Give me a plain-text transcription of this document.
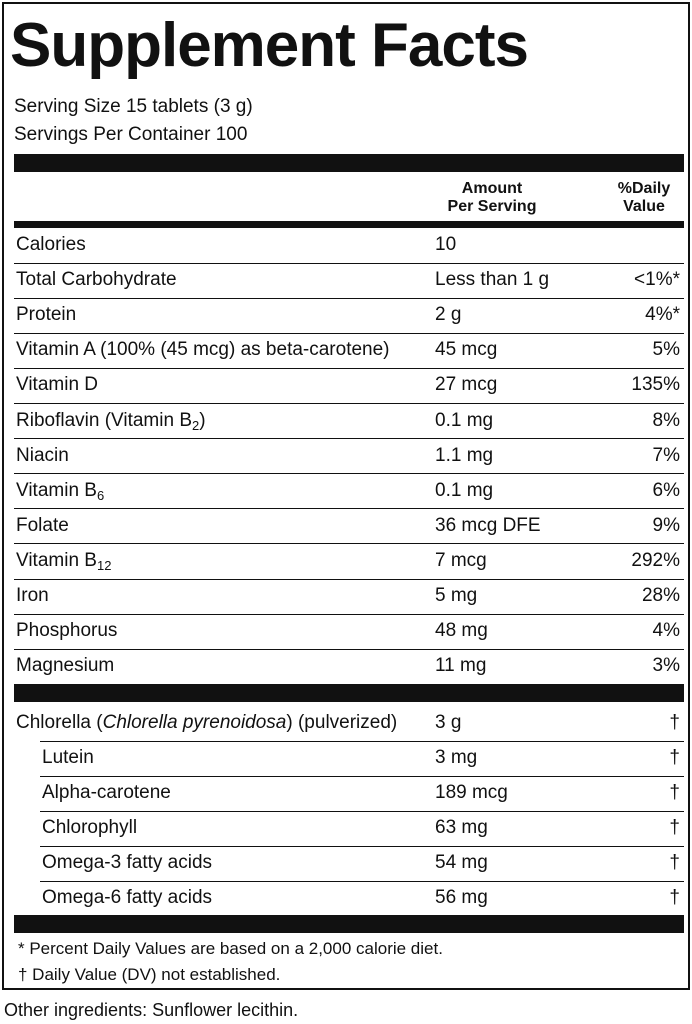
Supplement Facts
Serving Size 15 tablets (3 g)
Servings Per Container 100
Amount
Per Serving
%Daily
Value
Calories	10
Total Carbohydrate	Less than 1 g	<1%*
Protein	2 g	4%*
Vitamin A (100% (45 mcg) as beta-carotene) 45 mcg	5%
Vitamin D	27 mcg	135%
Riboflavin (Vitamin $B_2$)	0.1 mg	8%
Niacin	1.1 mg	7%
Vitamin $B_6$	0.1 mg	6%
Folate	36 mcg DFE	9%
Vitamin $B_{12}$	7 mcg	292%
Iron	5 mg	28%
Phosphorus	48 mg	4%
Magnesium	11 mg	3%
Chlorella (Chlorella pyrenoidosa) (pulverized) 3 g	†
Lutein	3 mg	†
Alpha-carotene	189 mcg	†
Chlorophyll	63 mg	†
Omega-3 fatty acids	54 mg	†
Omega-6 fatty acids	56 mg	†
* Percent Daily Values are based on a 2,000 calorie diet.
† Daily Value (DV) not established.
Other ingredients: Sunflower lecithin.
